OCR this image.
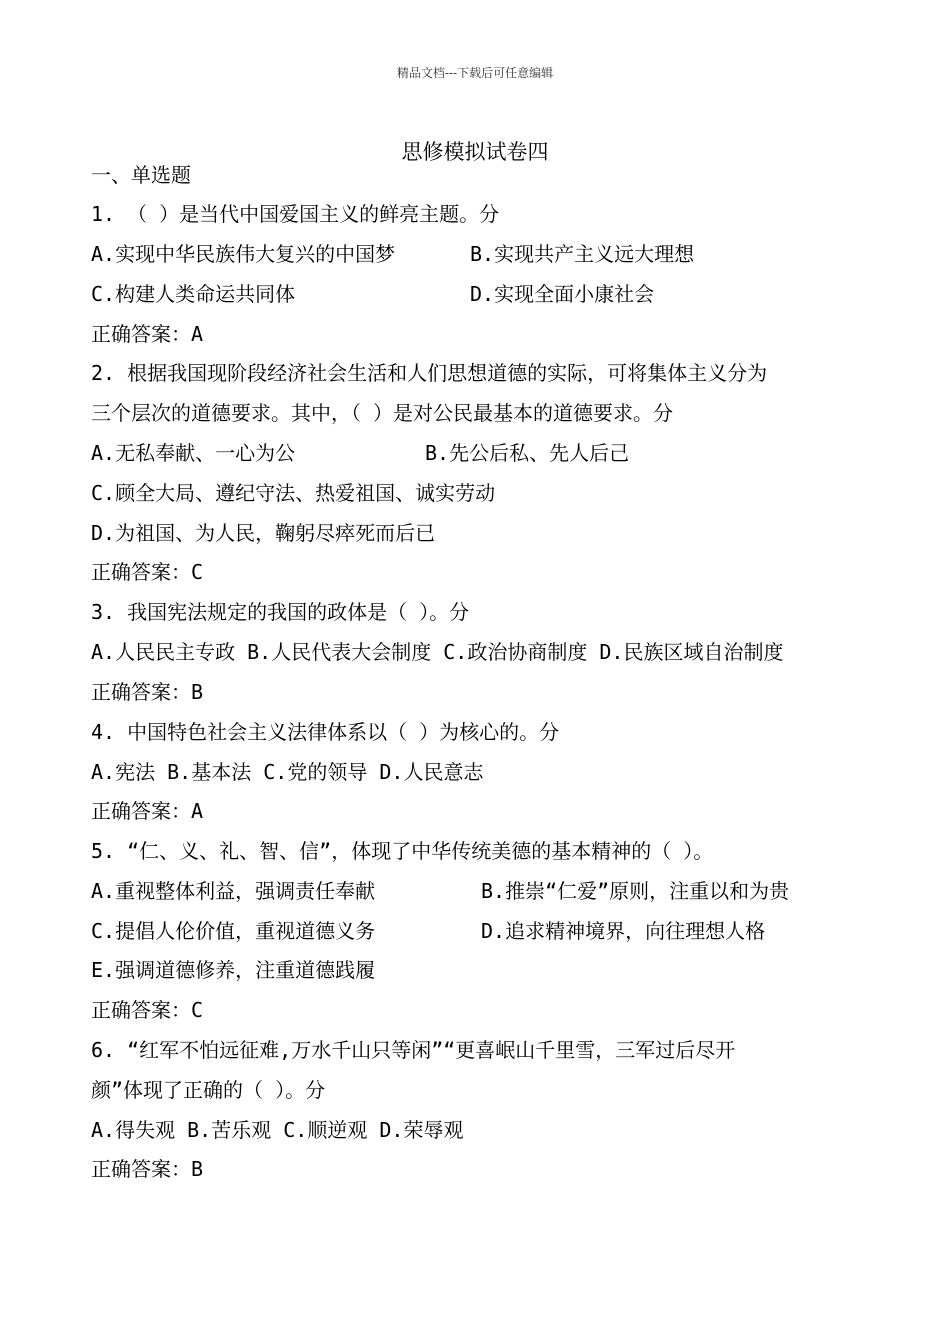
精品文档---下载后可任意编辑
思修模拟试卷四
一、单选题
1. （ ）是当代中国爱国主义的鲜亮主题。分
A.实现中华民族伟大复兴的中国梦	B.实现共产主义远大理想
C.构建人类命运共同体	D.实现全面小康社会
正确答案：A
2. 根据我国现阶段经济社会生活和人们思想道德的实际，可将集体主义分为
三个层次的道德要求。其中，（ ）是对公民最基本的道德要求。分
A.无私奉献、一心为公	B.先公后私、先人后己
C.顾全大局、遵纪守法、热爱祖国、诚实劳动
D.为祖国、为人民，鞠躬尽瘁死而后已
正确答案：C
3. 我国宪法规定的我国的政体是（ ）。分
A.人民民主专政 B.人民代表大会制度 C.政治协商制度 D.民族区域自治制度
正确答案：B
4. 中国特色社会主义法律体系以（ ）为核心的。分
A.宪法 B.基本法 C.党的领导 D.人民意志
正确答案：A
5. “仁、义、礼、智、信”，体现了中华传统美德的基本精神的（ ）。
A.重视整体利益，强调责任奉献	B.推崇“仁爱”原则，注重以和为贵
C.提倡人伦价值，重视道德义务	D.追求精神境界，向往理想人格
E.强调道德修养，注重道德践履
正确答案：C
6. “红军不怕远征难,万水千山只等闲”“更喜岷山千里雪，三军过后尽开
颜”体现了正确的（ ）。分
A.得失观 B.苦乐观 C.顺逆观 D.荣辱观
正确答案：B
